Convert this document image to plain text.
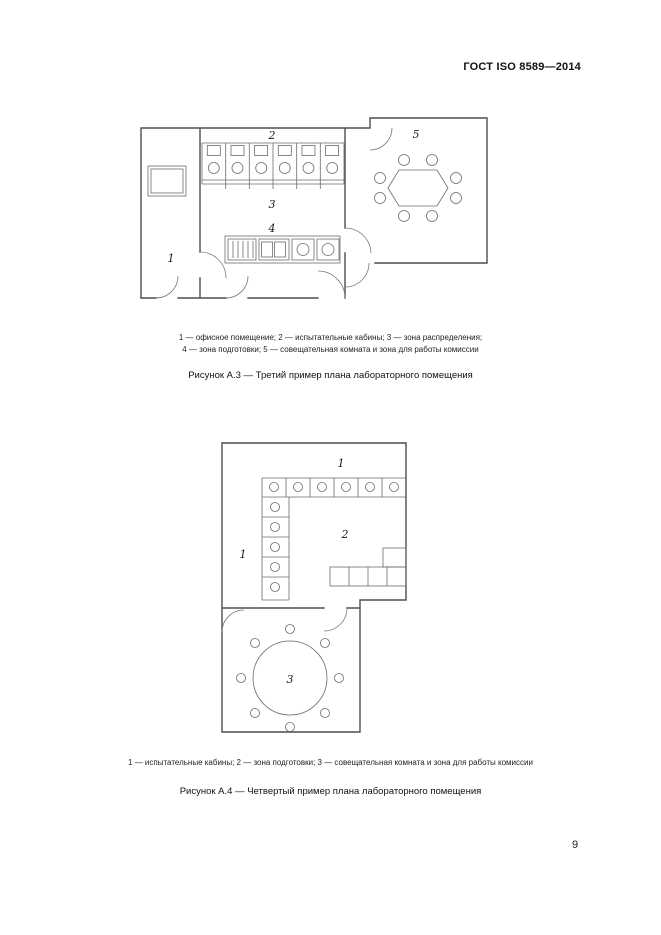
ГОСТ ISO 8589—2014
1
2
3
4
5
1 — офисное помещение; 2 — испытательные кабины; 3 — зона распределения;
4 — зона подготовки; 5 — совещательная комната и зона для работы комиссии
Рисунок А.3 — Третий пример плана лабораторного помещения
1
1
2
3
1 — испытательные кабины; 2 — зона подготовки; 3 — совещательная комната и зона для работы комиссии
Рисунок А.4 — Четвертый пример плана лабораторного помещения
9
